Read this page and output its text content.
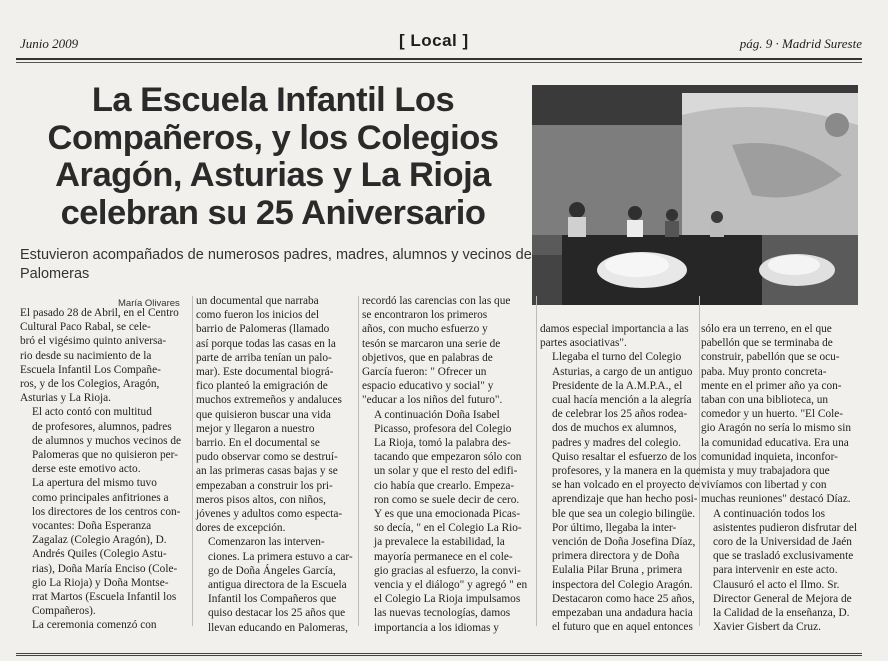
Junio 2009	[ Local ]	pág. 9 · Madrid Sureste
La Escuela Infantil Los
Compañeros, y los Colegios
Aragón, Asturias y La Rioja
celebran su 25 Aniversario
Estuvieron acompañados de numerosos padres, madres, alumnos y vecinos de
Palomeras
María Olivares

El pasado 28 de Abril, en el Centro
Cultural Paco Rabal, se cele-
bró el vigésimo quinto aniversa-
rio desde su nacimiento de la
Escuela Infantil Los Compañe-
ros, y de los Colegios, Aragón,
Asturias y La Rioja.

El acto contó con multitud
de profesores, alumnos, padres
de alumnos y muchos vecinos de
Palomeras que no quisieron per-
derse este emotivo acto.

La apertura del mismo tuvo
como principales anfitriones a
los directores de los centros con-
vocantes: Doña Esperanza
Zagalaz (Colegio Aragón), D.
Andrés Quiles (Colegio Astu-
rias), Doña María Enciso (Cole-
gio La Rioja) y Doña Montse-
rrat Martos (Escuela Infantil los
Compañeros).

La ceremonia comenzó con

un documental que narraba
como fueron los inicios del
barrio de Palomeras (llamado
así porque todas las casas en la
parte de arriba tenían un palo-
mar). Este documental biográ-
fico planteó la emigración de
muchos extremeños y andaluces
que quisieron buscar una vida
mejor y llegaron a nuestro
barrio. En el documental se
pudo observar como se destruí-
an las primeras casas bajas y se
empezaban a construir los pri-
meros pisos altos, con niños,
jóvenes y adultos como especta-
dores de excepción.

Comenzaron las interven-
ciones. La primera estuvo a car-
go de Doña Ángeles García,
antigua directora de la Escuela
Infantil los Compañeros que
quiso destacar los 25 años que
llevan educando en Palomeras,

recordó las carencias con las que
se encontraron los primeros
años, con mucho esfuerzo y
tesón se marcaron una serie de
objetivos, que en palabras de
García fueron: " Ofrecer un
espacio educativo y social" y
"educar a los niños del futuro".

A continuación Doña Isabel
Picasso, profesora del Colegio
La Rioja, tomó la palabra des-
tacando que empezaron sólo con
un solar y que el resto del edifi-
cio había que crearlo. Empeza-
ron como se suele decir de cero.
Y es que una emocionada Picas-
so decía, " en el Colegio La Rio-
ja prevalece la estabilidad, la
mayoría permanece en el cole-
gio gracias al esfuerzo, la convi-
vencia y el diálogo" y agregó " en
el Colegio La Rioja impulsamos
las nuevas tecnologías, damos
importancia a los idiomas y

damos especial importancia a las
partes asociativas".

Llegaba el turno del Colegio
Asturias, a cargo de un antiguo
Presidente de la A.M.P.A., el
cual hacía mención a la alegría
de celebrar los 25 años rodea-
dos de muchos ex alumnos,
padres y madres del colegio.
Quiso resaltar el esfuerzo de los
profesores, y la manera en la que
se han volcado en el proyecto de
aprendizaje que han hecho posi-
ble que sea un colegio bilingüe.

Por último, llegaba la inter-
vención de Doña Josefina Díaz,
primera directora y de Doña
Eulalia Pilar Bruna , primera
inspectora del Colegio Aragón.
Destacaron como hace 25 años,
empezaban una andadura hacia
el futuro que en aquel entonces

sólo era un terreno, en el que
pabellón que se terminaba de
construir, pabellón que se ocu-
paba. Muy pronto concreta-
mente en el primer año ya con-
taban con una biblioteca, un
comedor y un huerto. "El Cole-
gio Aragón no sería lo mismo sin
la comunidad educativa. Era una
comunidad inquieta, inconfor-
mista y muy trabajadora que
vivíamos con libertad y con
muchas reuniones" destacó Díaz.

A continuación todos los
asistentes pudieron disfrutar del
coro de la Universidad de Jaén
que se trasladó exclusivamente
para intervenir en este acto.

Clausuró el acto el Ilmo. Sr.
Director General de Mejora de
la Calidad de la enseñanza, D.
Xavier Gisbert da Cruz.
